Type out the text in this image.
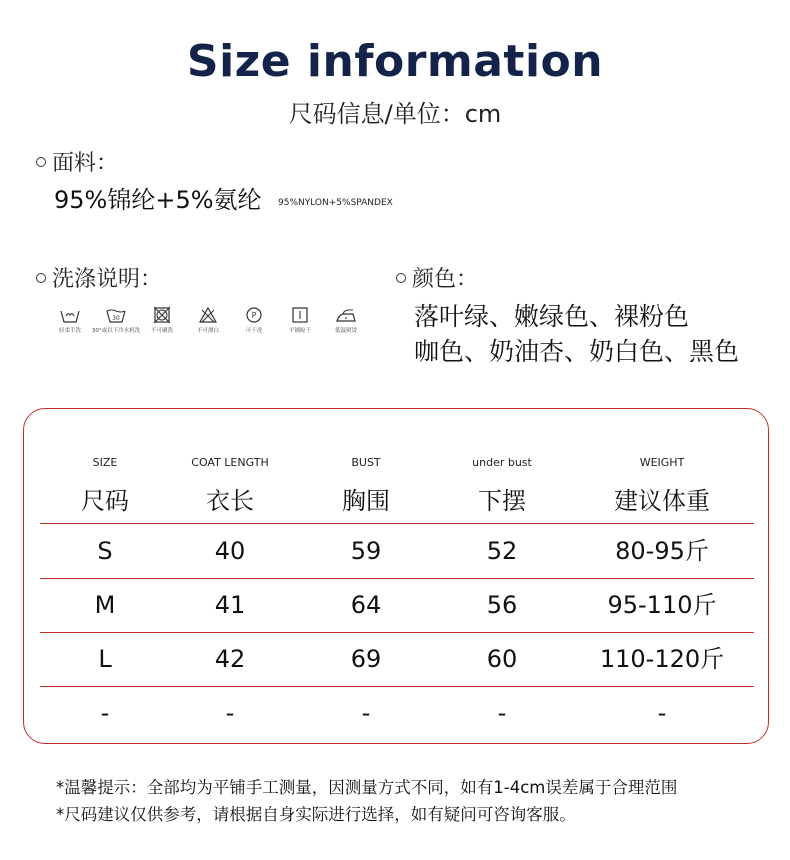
Size information
尺码信息/单位：cm
面料：
95%锦纶+5%氨纶 95%NYLON+5%SPANDEX
洗涤说明：
轻柔手洗
30
30°或以下冷水机洗 不可刷洗	不可漂白
P
可干洗	平铺晾干	低温熨烫
颜色：
落叶绿、嫩绿色、裸粉色
咖色、奶油杏、奶白色、黑色
SIZE	COAT LENGTH	BUST	under bust	WEIGHT
尺码	衣长	胸围	下摆	建议体重
S	40	59	52	80-95斤
M	41	64	56	95-110斤
L	42	69	60	110-120斤
-	-	-	-	-
*温馨提示：全部均为平铺手工测量，因测量方式不同，如有1-4cm误差属于合理范围
*尺码建议仅供参考，请根据自身实际进行选择，如有疑问可咨询客服。
